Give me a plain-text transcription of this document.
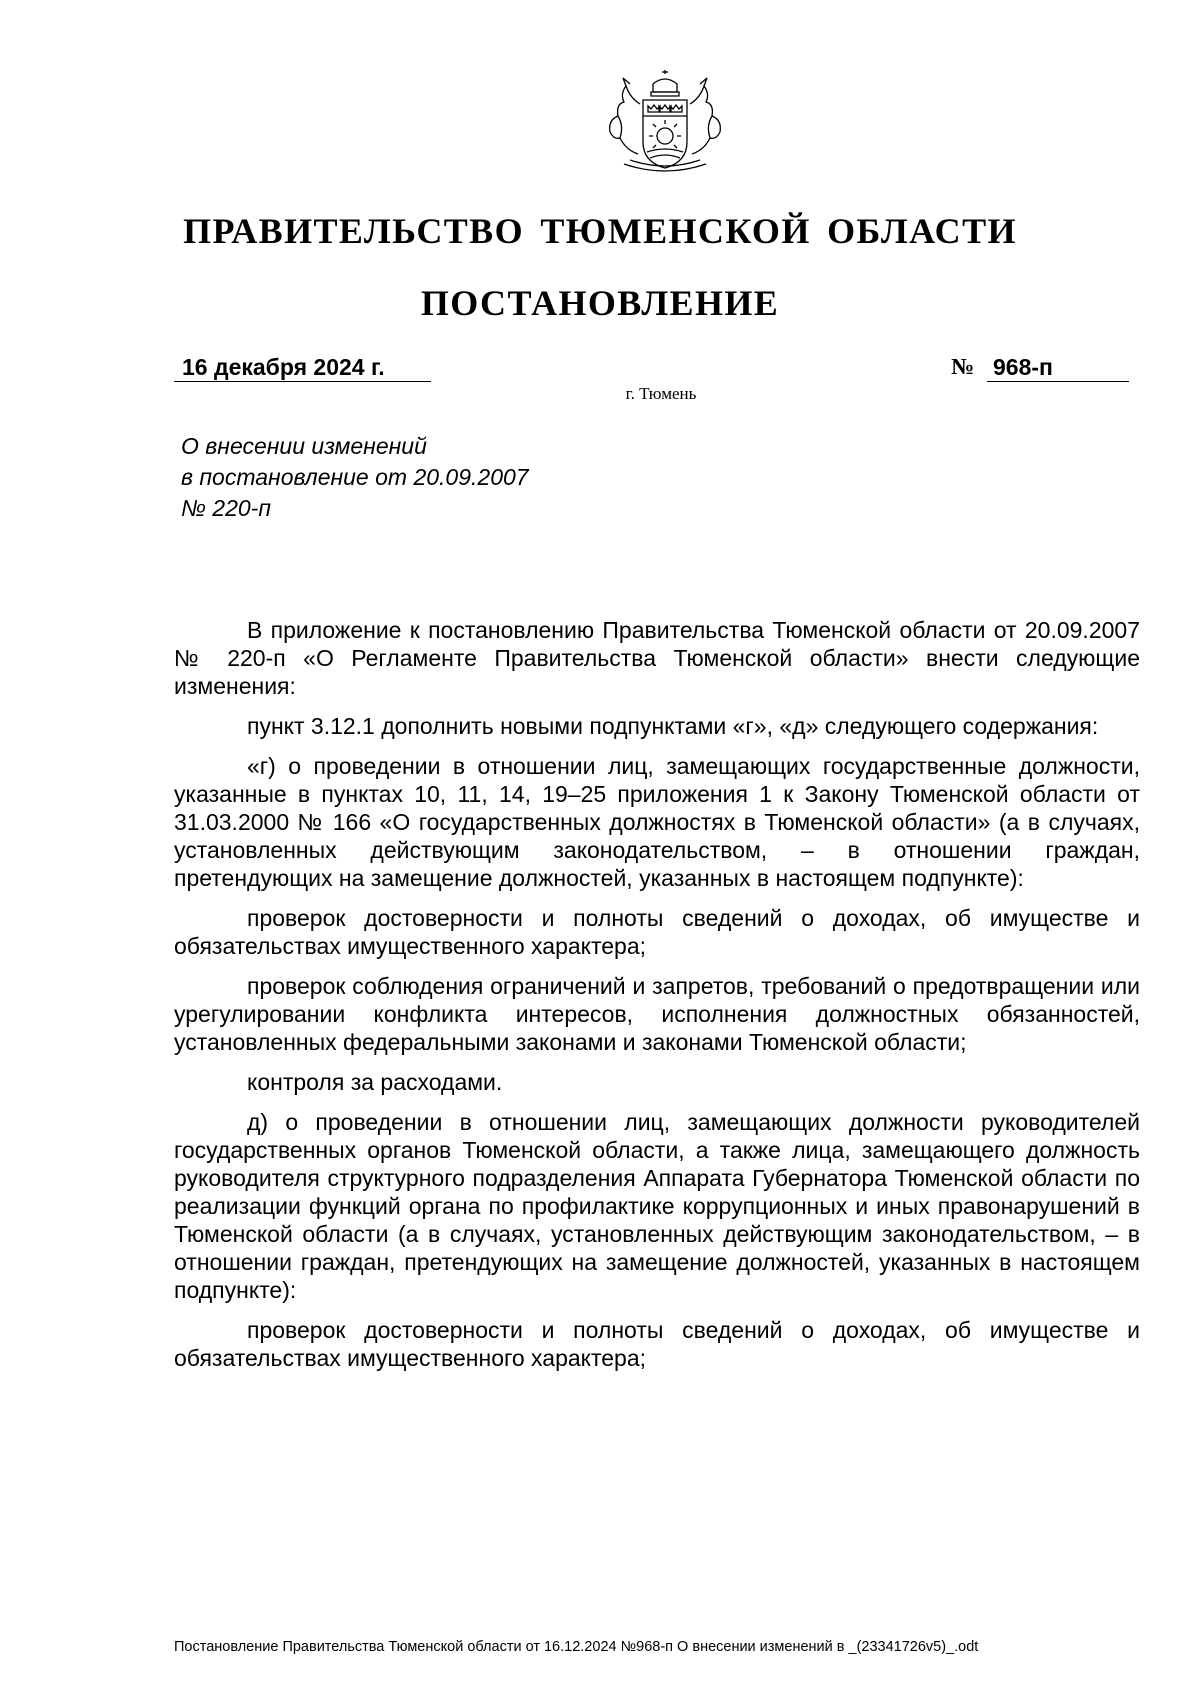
ПРАВИТЕЛЬСТВО ТЮМЕНСКОЙ ОБЛАСТИ
ПОСТАНОВЛЕНИЕ
16 декабря 2024 г.	№ 968-п
г. Тюмень
О внесении изменений
в постановление от 20.09.2007
№ 220-п

В приложение к постановлению Правительства Тюменской области от 20.09.2007 № 220-п «О Регламенте Правительства Тюменской области» внести следующие изменения:

пункт 3.12.1 дополнить новыми подпунктами «г», «д» следующего содержания:

«г) о проведении в отношении лиц, замещающих государственные должности, указанные в пунктах 10, 11, 14, 19–25 приложения 1 к Закону Тюменской области от 31.03.2000 № 166 «О государственных должностях в Тюменской области» (а в случаях, установленных действующим законодательством, – в отношении граждан, претендующих на замещение должностей, указанных в настоящем подпункте):

проверок достоверности и полноты сведений о доходах, об имуществе и обязательствах имущественного характера;

проверок соблюдения ограничений и запретов, требований о предотвращении или урегулировании конфликта интересов, исполнения должностных обязанностей, установленных федеральными законами и законами Тюменской области;

контроля за расходами.

д) о проведении в отношении лиц, замещающих должности руководителей государственных органов Тюменской области, а также лица, замещающего должность руководителя структурного подразделения Аппарата Губернатора Тюменской области по реализации функций органа по профилактике коррупционных и иных правонарушений в Тюменской области (а в случаях, установленных действующим законодательством, – в отношении граждан, претендующих на замещение должностей, указанных в настоящем подпункте):

проверок достоверности и полноты сведений о доходах, об имуществе и обязательствах имущественного характера;

Постановление Правительства Тюменской области от 16.12.2024 №968-п О внесении изменений в _(23341726v5)_.odt
